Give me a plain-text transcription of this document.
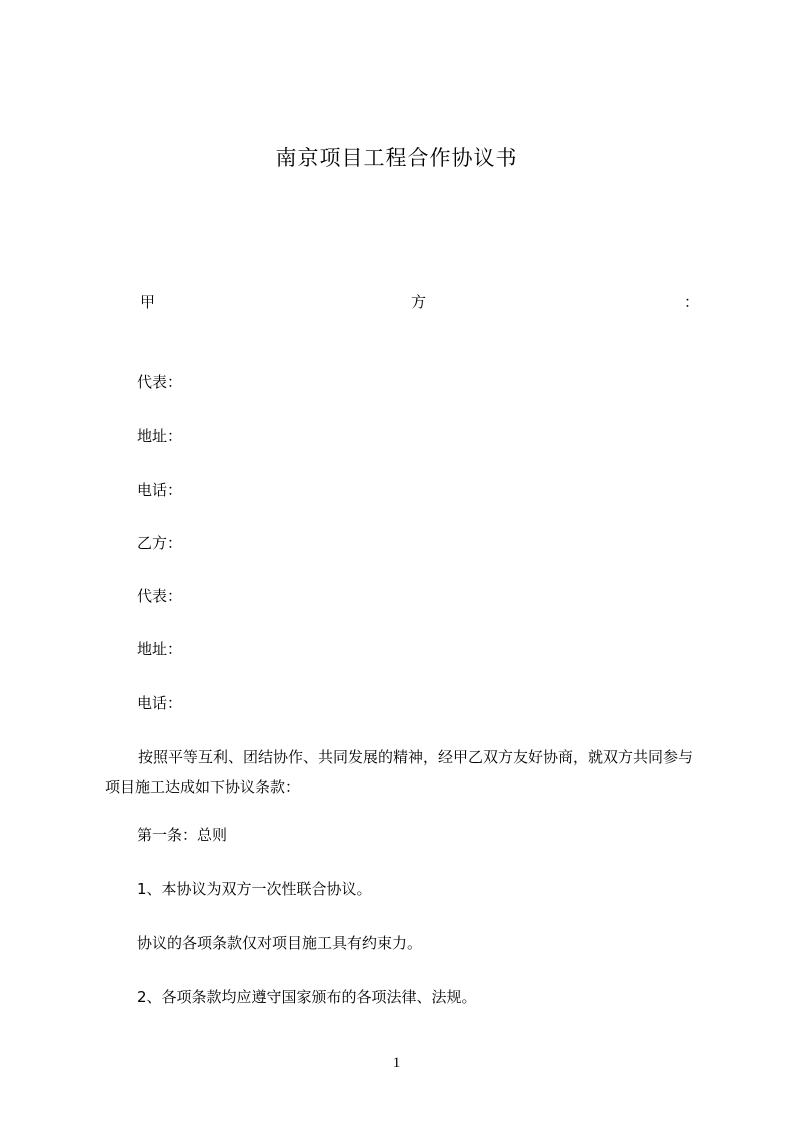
南京项目工程合作协议书
甲	方	：

代表：

地址：

电话：

乙方：

代表：

地址：

电话：

按照平等互利、团结协作、共同发展的精神，经甲乙双方友好协商，就双方共同参与项目施工达成如下协议条款：

第一条：总则

1、本协议为双方一次性联合协议。

协议的各项条款仅对项目施工具有约束力。

2、各项条款均应遵守国家颁布的各项法律、法规。

1
